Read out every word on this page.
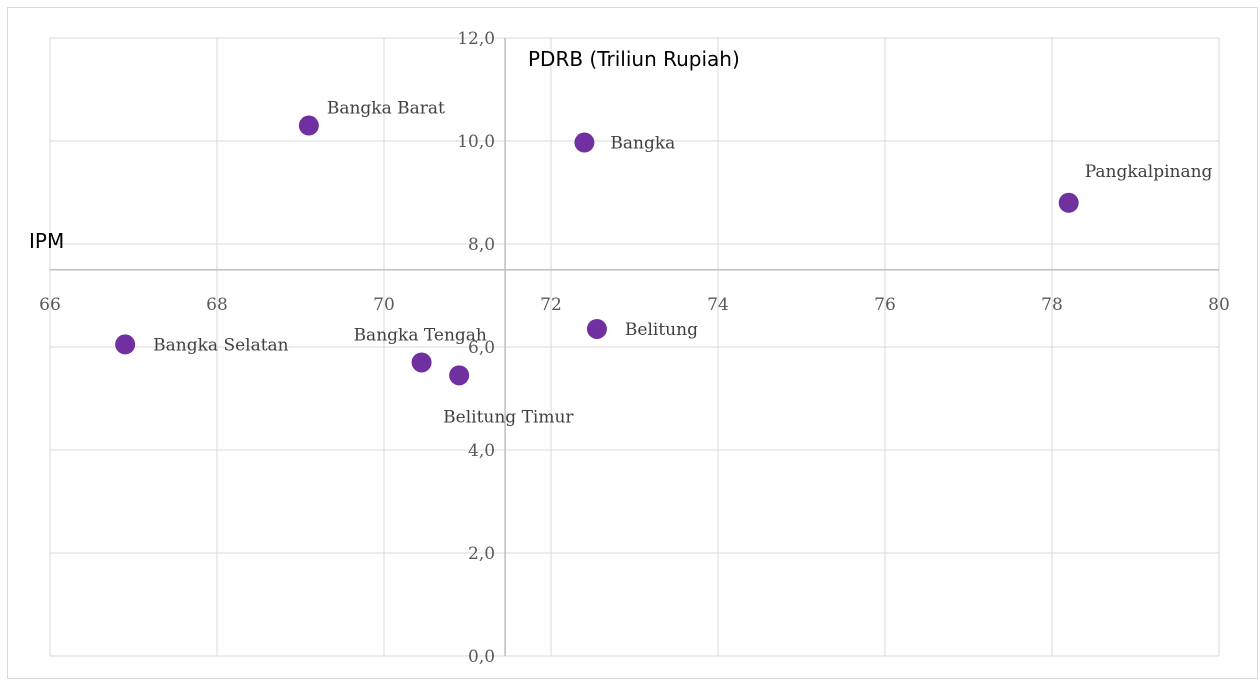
66	68	70	72	74	76	78	80
0,0
2,0
4,0
6,0
8,0
10,0
12,0
Bangka Barat
Bangka
Pangkalpinang
Bangka Selatan	Bangka Tengah	Belitung
Belitung Timur
PDRB (Triliun Rupiah)
IPM
